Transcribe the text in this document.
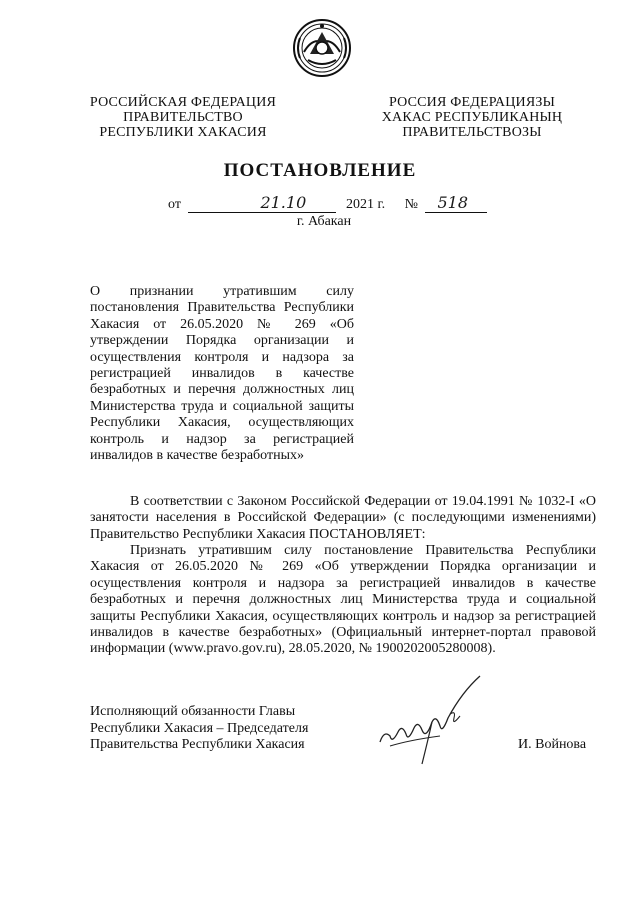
РОССИЙСКАЯ ФЕДЕРАЦИЯ
ПРАВИТЕЛЬСТВО
РЕСПУБЛИКИ ХАКАСИЯ
РОССИЯ ФЕДЕРАЦИЯЗЫ
ХАКАС РЕСПУБЛИКАНЫҢ
ПРАВИТЕЛЬСТВОЗЫ
ПОСТАНОВЛЕНИЕ
от	21.10	2021 г. № 518
г. Абакан
О признании утратившим силу постановления Правительства Республики Хакасия от 26.05.2020 № 269 «Об утверждении Порядка организации и осуществления контроля и надзора за регистрацией инвалидов в качестве безработных и перечня должностных лиц Министерства труда и социальной защиты Республики Хакасия, осуществляющих контроль и надзор за регистрацией инвалидов в качестве безработных»
В соответствии с Законом Российской Федерации от 19.04.1991 № 1032-I «О занятости населения в Российской Федерации» (с последующими изменениями) Правительство Республики Хакасия ПОСТАНОВЛЯЕТ:
Признать утратившим силу постановление Правительства Республики Хакасия от 26.05.2020 № 269 «Об утверждении Порядка организации и осуществления контроля и надзора за регистрацией инвалидов в качестве безработных и перечня должностных лиц Министерства труда и социальной защиты Республики Хакасия, осуществляющих контроль и надзор за регистрацией инвалидов в качестве безработных» (Официальный интернет-портал правовой информации (www.pravo.gov.ru), 28.05.2020, № 1900202005280008).
Исполняющий обязанности Главы
Республики Хакасия – Председателя
Правительства Республики Хакасия	И. Войнова
